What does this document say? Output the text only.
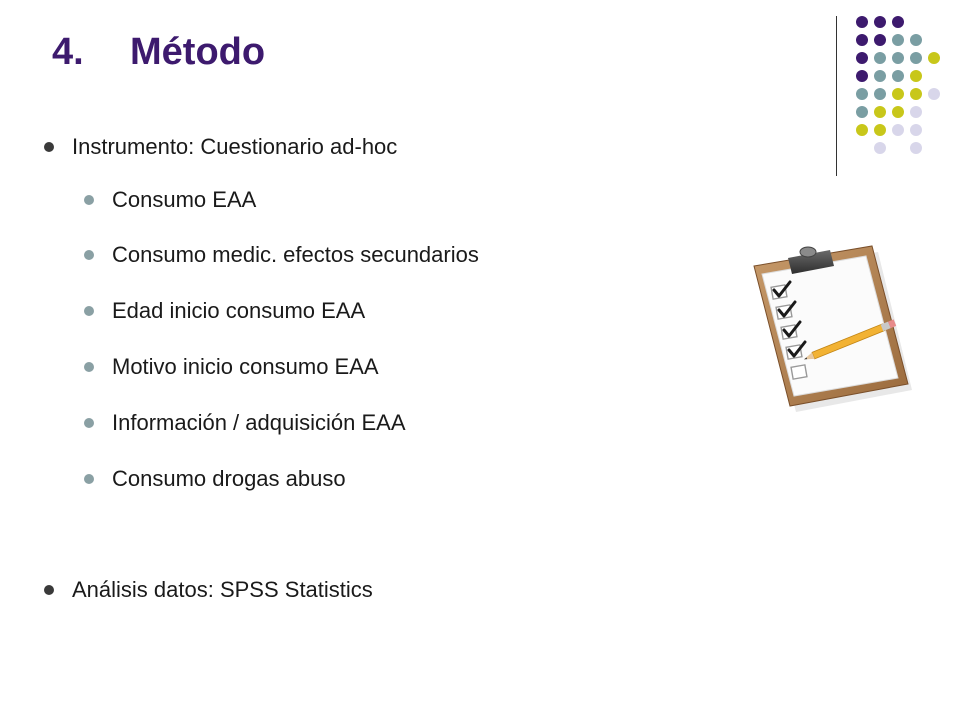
4.	Método
Instrumento: Cuestionario ad-hoc
Consumo EAA
Consumo medic. efectos secundarios
Edad inicio consumo EAA
Motivo inicio consumo EAA
Información / adquisición EAA
Consumo drogas abuso
Análisis datos: SPSS Statistics
